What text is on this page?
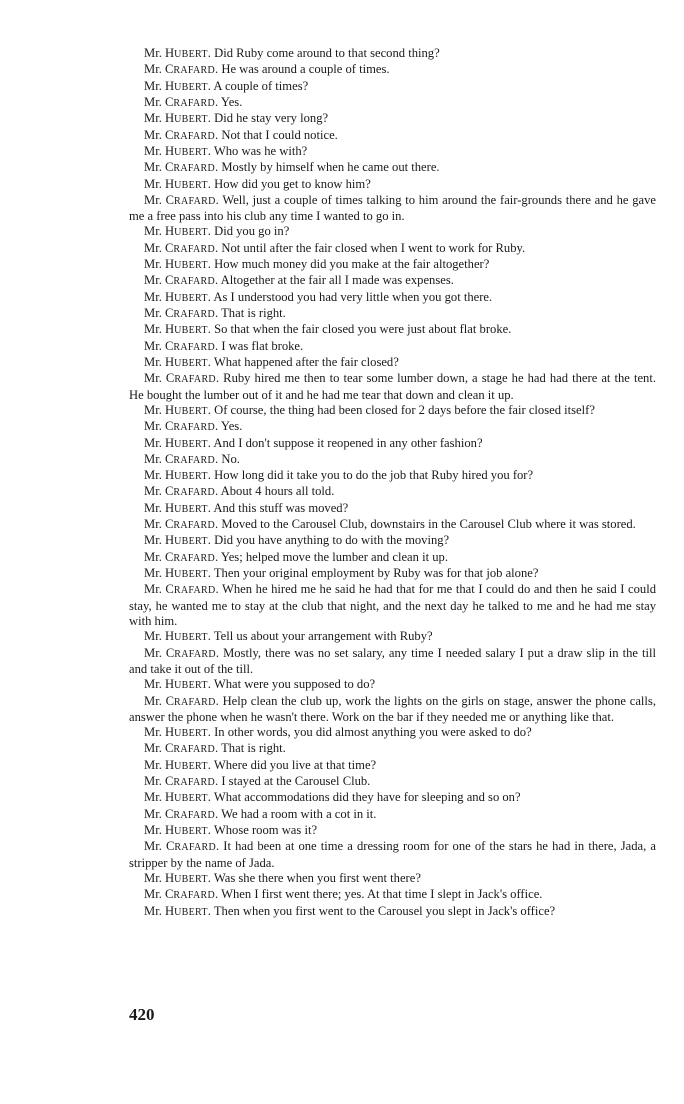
Mr. HUBERT. Did Ruby come around to that second thing?

Mr. CRAFARD. He was around a couple of times.

Mr. HUBERT. A couple of times?

Mr. CRAFARD. Yes.

Mr. HUBERT. Did he stay very long?

Mr. CRAFARD. Not that I could notice.

Mr. HUBERT. Who was he with?

Mr. CRAFARD. Mostly by himself when he came out there.

Mr. HUBERT. How did you get to know him?

Mr. CRAFARD. Well, just a couple of times talking to him around the fair-grounds there and he gave me a free pass into his club any time I wanted to go in.

Mr. HUBERT. Did you go in?

Mr. CRAFARD. Not until after the fair closed when I went to work for Ruby.

Mr. HUBERT. How much money did you make at the fair altogether?

Mr. CRAFARD. Altogether at the fair all I made was expenses.

Mr. HUBERT. As I understood you had very little when you got there.

Mr. CRAFARD. That is right.

Mr. HUBERT. So that when the fair closed you were just about flat broke.

Mr. CRAFARD. I was flat broke.

Mr. HUBERT. What happened after the fair closed?

Mr. CRAFARD. Ruby hired me then to tear some lumber down, a stage he had had there at the tent. He bought the lumber out of it and he had me tear that down and clean it up.

Mr. HUBERT. Of course, the thing had been closed for 2 days before the fair closed itself?

Mr. CRAFARD. Yes.

Mr. HUBERT. And I don't suppose it reopened in any other fashion?

Mr. CRAFARD. No.

Mr. HUBERT. How long did it take you to do the job that Ruby hired you for?

Mr. CRAFARD. About 4 hours all told.

Mr. HUBERT. And this stuff was moved?

Mr. CRAFARD. Moved to the Carousel Club, downstairs in the Carousel Club where it was stored.

Mr. HUBERT. Did you have anything to do with the moving?

Mr. CRAFARD. Yes; helped move the lumber and clean it up.

Mr. HUBERT. Then your original employment by Ruby was for that job alone?

Mr. CRAFARD. When he hired me he said he had that for me that I could do and then he said I could stay, he wanted me to stay at the club that night, and the next day he talked to me and he had me stay with him.

Mr. HUBERT. Tell us about your arrangement with Ruby?

Mr. CRAFARD. Mostly, there was no set salary, any time I needed salary I put a draw slip in the till and take it out of the till.

Mr. HUBERT. What were you supposed to do?

Mr. CRAFARD. Help clean the club up, work the lights on the girls on stage, answer the phone calls, answer the phone when he wasn't there. Work on the bar if they needed me or anything like that.

Mr. HUBERT. In other words, you did almost anything you were asked to do?

Mr. CRAFARD. That is right.

Mr. HUBERT. Where did you live at that time?

Mr. CRAFARD. I stayed at the Carousel Club.

Mr. HUBERT. What accommodations did they have for sleeping and so on?

Mr. CRAFARD. We had a room with a cot in it.

Mr. HUBERT. Whose room was it?

Mr. CRAFARD. It had been at one time a dressing room for one of the stars he had in there, Jada, a stripper by the name of Jada.

Mr. HUBERT. Was she there when you first went there?

Mr. CRAFARD. When I first went there; yes. At that time I slept in Jack's office.

Mr. HUBERT. Then when you first went to the Carousel you slept in Jack's office?

420
